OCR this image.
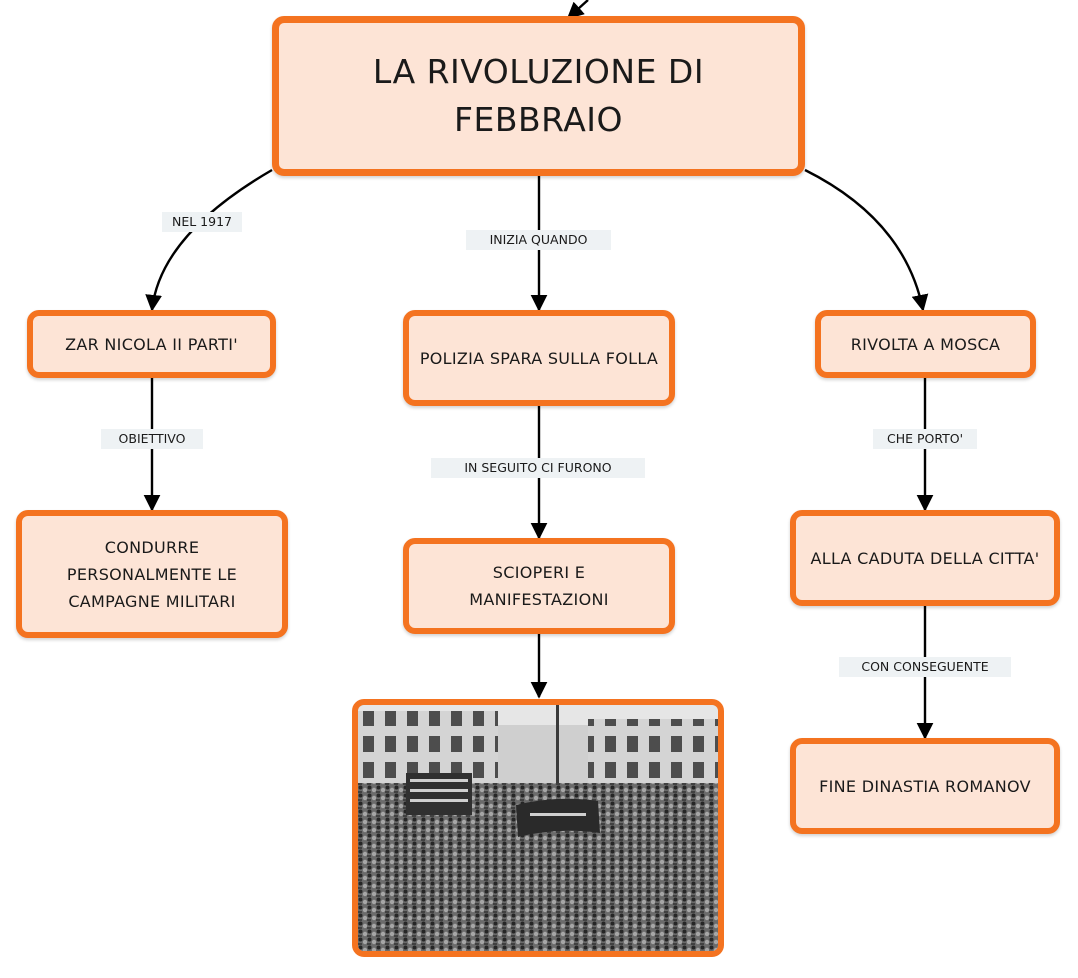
LA RIVOLUZIONE DI FEBBRAIO
ZAR NICOLA II PARTI'
POLIZIA SPARA SULLA FOLLA
RIVOLTA A MOSCA
CONDURRE PERSONALMENTE LE CAMPAGNE MILITARI
SCIOPERI E MANIFESTAZIONI
ALLA CADUTA DELLA CITTA'
FINE DINASTIA ROMANOV
NEL 1917
INIZIA QUANDO
OBIETTIVO
IN SEGUITO CI FURONO
CHE PORTO'
CON CONSEGUENTE
